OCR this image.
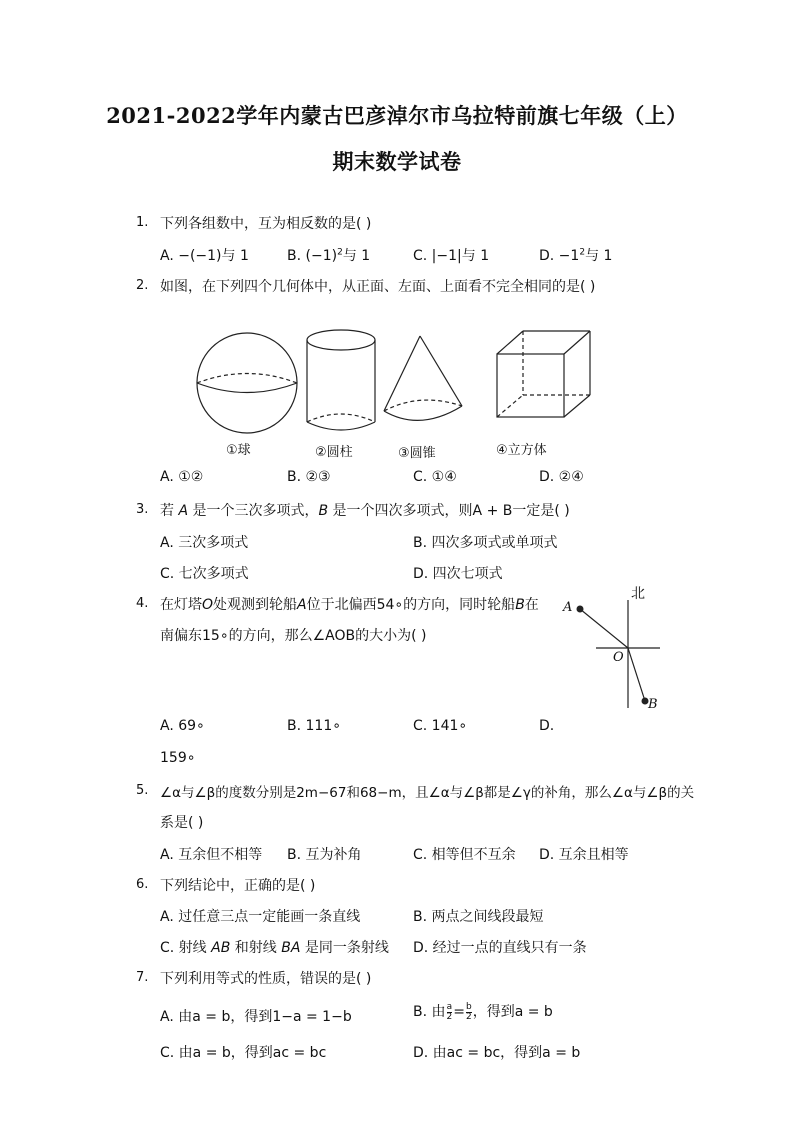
2021-2022学年内蒙古巴彦淖尔市乌拉特前旗七年级（上）
期末数学试卷
1. 下列各组数中，互为相反数的是( )
A. −(−1)与 1	B. $(-1)^2$与 1	C. |−1|与 1	D. $-1^2$与 1
2. 如图，在下列四个几何体中，从正面、左面、上面看不完全相同的是( )
①球	②圆柱	③圆锥	④立方体
A. ①②	B. ②③	C. ①④	D. ②④
3. 若 A 是一个三次多项式，B 是一个四次多项式，则A + B一定是( )
A. 三次多项式	B. 四次多项式或单项式
C. 七次多项式	D. 四次七项式
4. 在灯塔O处观测到轮船A位于北偏西54∘的方向，同时轮船B在
南偏东15∘的方向，那么∠AOB的大小为( )
北
A
O
B
A. 69∘	B. 111∘	C. 141∘	D.
159∘
5. ∠α与∠β的度数分别是2m−67和68−m，且∠α与∠β都是∠γ的补角，那么∠α与∠β的关
系是( )
A. 互余但不相等 B. 互为补角	C. 相等但不互余 D. 互余且相等
6. 下列结论中，正确的是( )
A. 过任意三点一定能画一条直线	B. 两点之间线段最短
C. 射线 AB 和射线 BA 是同一条射线 D. 经过一点的直线只有一条
7. 下列利用等式的性质，错误的是( )
A. 由a = b，得到1−a = 1−b	B. 由 $\frac{a}{2} = \frac{b}{2}$ ，得到a = b
C. 由a = b，得到ac = bc	D. 由ac = bc，得到a = b
